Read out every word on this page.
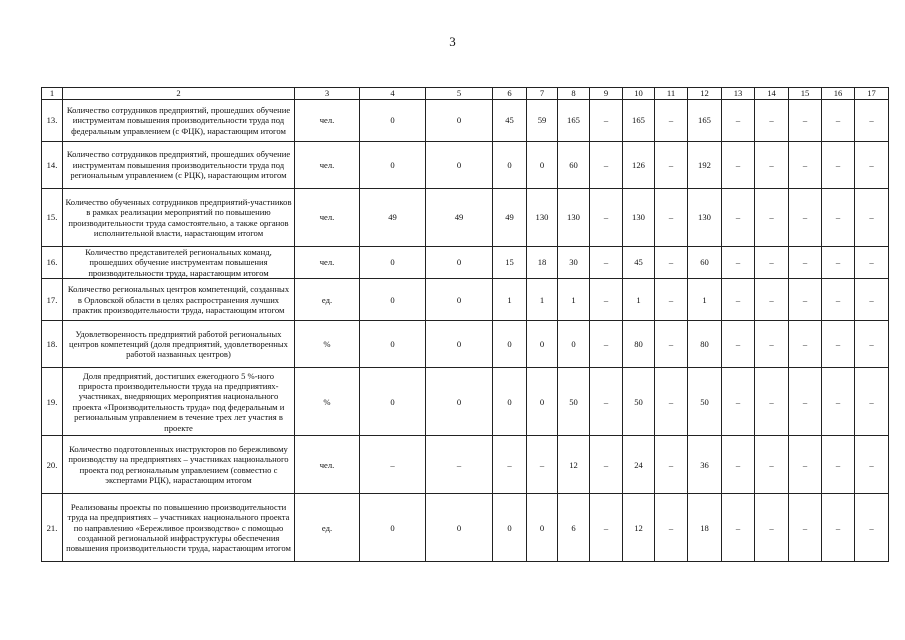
3
1	2	3	4	5	6	7	8	9	10	11	12	13	14	15	16	17
13.	Количество сотрудников предприятий, прошедших обучение инструментам повышения производительности труда под федеральным управлением (с ФЦК), нарастающим итогом	чел.	0	0	45	59	165	–	165	–	165	–	–	–	–	–
14.	Количество сотрудников предприятий, прошедших обучение инструментам повышения производительности труда под региональным управлением (с РЦК), нарастающим итогом	чел.	0	0	0	0	60	–	126	–	192	–	–	–	–	–
15.	Количество обученных сотрудников предприятий-участников в рамках реализации мероприятий по повышению производительности труда самостоятельно, а также органов исполнительной власти, нарастающим итогом	чел.	49	49	49	130	130	–	130	–	130	–	–	–	–	–
16.	Количество представителей региональных команд, прошедших обучение инструментам повышения производительности труда, нарастающим итогом	чел.	0	0	15	18	30	–	45	–	60	–	–	–	–	–
17.	Количество региональных центров компетенций, созданных в Орловской области в целях распространения лучших практик производительности труда, нарастающим итогом	ед.	0	0	1	1	1	–	1	–	1	–	–	–	–	–
18.	Удовлетворенность предприятий работой региональных центров компетенций (доля предприятий, удовлетворенных работой названных центров)	%	0	0	0	0	0	–	80	–	80	–	–	–	–	–
19.	Доля предприятий, достигших ежегодного 5 %-ного прироста производительности труда на предприятиях-участниках, внедряющих мероприятия национального проекта «Производительность труда» под федеральным и региональным управлением в течение трех лет участия в проекте	%	0	0	0	0	50	–	50	–	50	–	–	–	–	–
20.	Количество подготовленных инструкторов по бережливому производству на предприятиях – участниках национального проекта под региональным управлением (совместно с экспертами РЦК), нарастающим итогом	чел.	–	–	–	–	12	–	24	–	36	–	–	–	–	–
21.	Реализованы проекты по повышению производительности труда на предприятиях – участниках национального проекта по направлению «Бережливое производство» с помощью созданной региональной инфраструктуры обеспечения повышения производительности труда, нарастающим итогом	ед.	0	0	0	0	6	–	12	–	18	–	–	–	–	–
